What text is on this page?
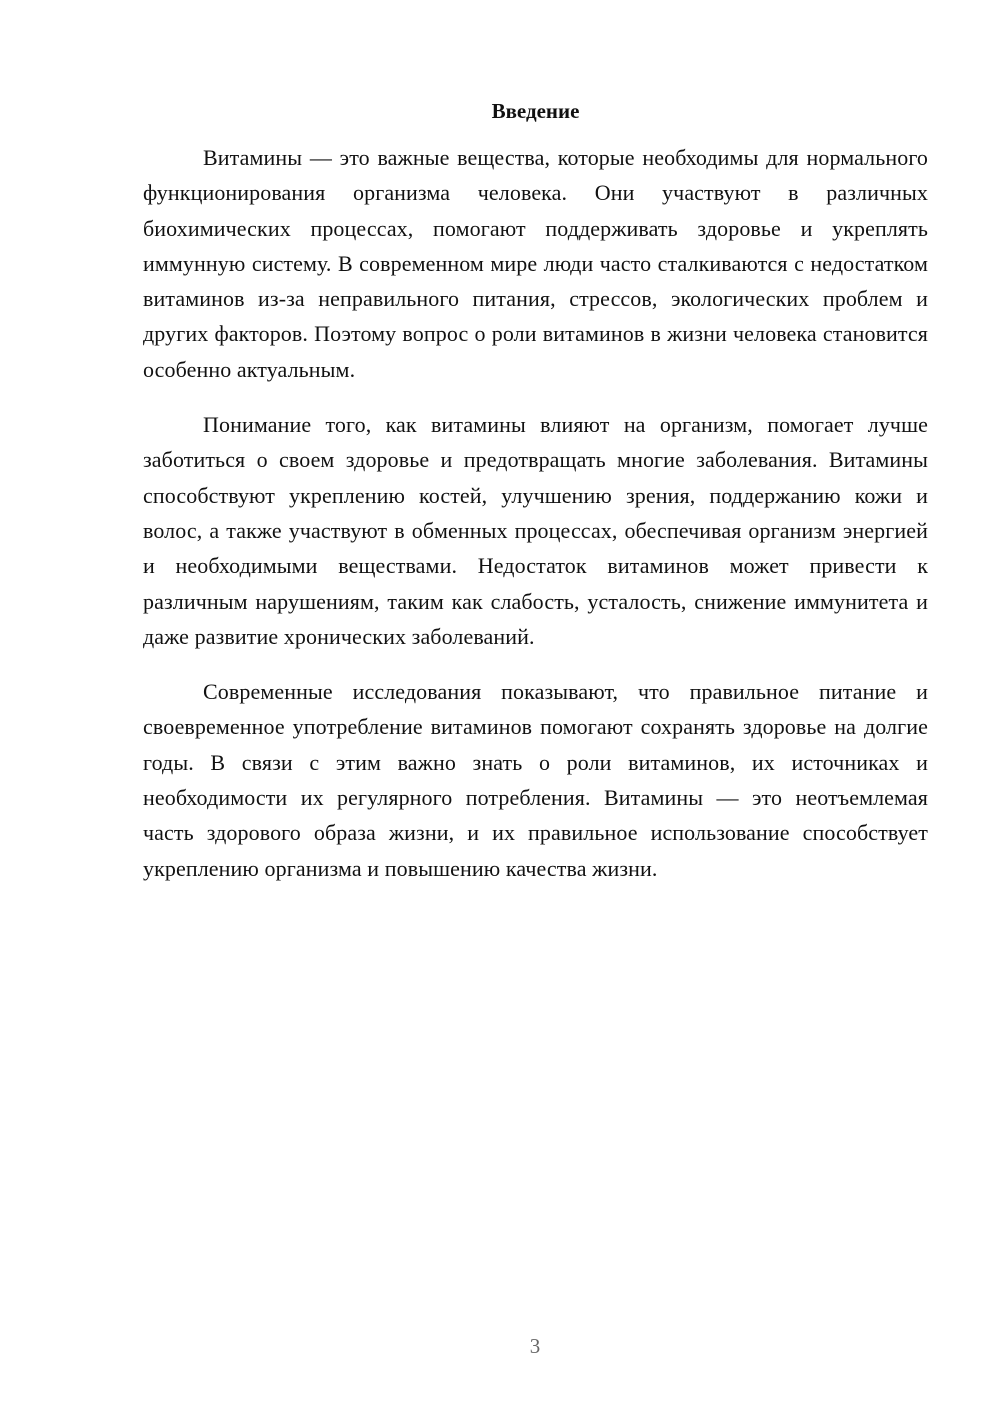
Введение

Витамины — это важные вещества, которые необходимы для нормального функционирования организма человека. Они участвуют в различных биохимических процессах, помогают поддерживать здоровье и укреплять иммунную систему. В современном мире люди часто сталкиваются с недостатком витаминов из-за неправильного питания, стрессов, экологических проблем и других факторов. Поэтому вопрос о роли витаминов в жизни человека становится особенно актуальным.

Понимание того, как витамины влияют на организм, помогает лучше заботиться о своем здоровье и предотвращать многие заболевания. Витамины способствуют укреплению костей, улучшению зрения, поддержанию кожи и волос, а также участвуют в обменных процессах, обеспечивая организм энергией и необходимыми веществами. Недостаток витаминов может привести к различным нарушениям, таким как слабость, усталость, снижение иммунитета и даже развитие хронических заболеваний.

Современные исследования показывают, что правильное питание и своевременное употребление витаминов помогают сохранять здоровье на долгие годы. В связи с этим важно знать о роли витаминов, их источниках и необходимости их регулярного потребления. Витамины — это неотъемлемая часть здорового образа жизни, и их правильное использование способствует укреплению организма и повышению качества жизни.

3
